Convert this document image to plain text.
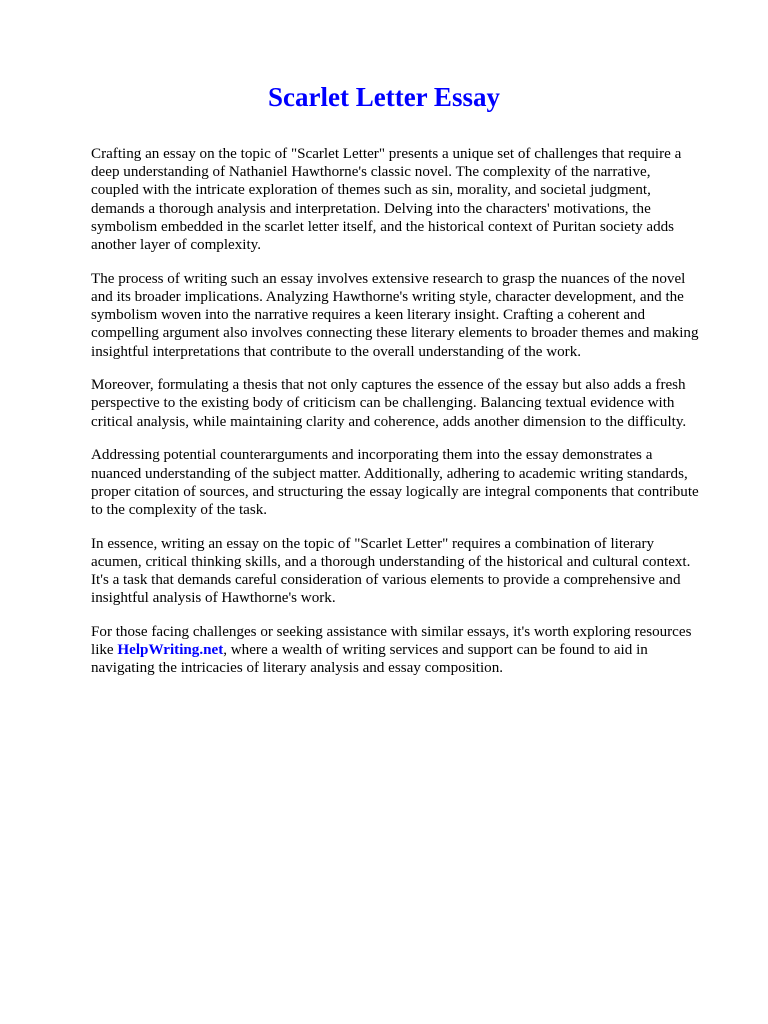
Scarlet Letter Essay

Crafting an essay on the topic of "Scarlet Letter" presents a unique set of challenges that require a
deep understanding of Nathaniel Hawthorne's classic novel. The complexity of the narrative,
coupled with the intricate exploration of themes such as sin, morality, and societal judgment,
demands a thorough analysis and interpretation. Delving into the characters' motivations, the
symbolism embedded in the scarlet letter itself, and the historical context of Puritan society adds
another layer of complexity.

The process of writing such an essay involves extensive research to grasp the nuances of the novel
and its broader implications. Analyzing Hawthorne's writing style, character development, and the
symbolism woven into the narrative requires a keen literary insight. Crafting a coherent and
compelling argument also involves connecting these literary elements to broader themes and making
insightful interpretations that contribute to the overall understanding of the work.

Moreover, formulating a thesis that not only captures the essence of the essay but also adds a fresh
perspective to the existing body of criticism can be challenging. Balancing textual evidence with
critical analysis, while maintaining clarity and coherence, adds another dimension to the difficulty.

Addressing potential counterarguments and incorporating them into the essay demonstrates a
nuanced understanding of the subject matter. Additionally, adhering to academic writing standards,
proper citation of sources, and structuring the essay logically are integral components that contribute
to the complexity of the task.

In essence, writing an essay on the topic of "Scarlet Letter" requires a combination of literary
acumen, critical thinking skills, and a thorough understanding of the historical and cultural context.
It's a task that demands careful consideration of various elements to provide a comprehensive and
insightful analysis of Hawthorne's work.

For those facing challenges or seeking assistance with similar essays, it's worth exploring resources
like HelpWriting.net, where a wealth of writing services and support can be found to aid in
navigating the intricacies of literary analysis and essay composition.
